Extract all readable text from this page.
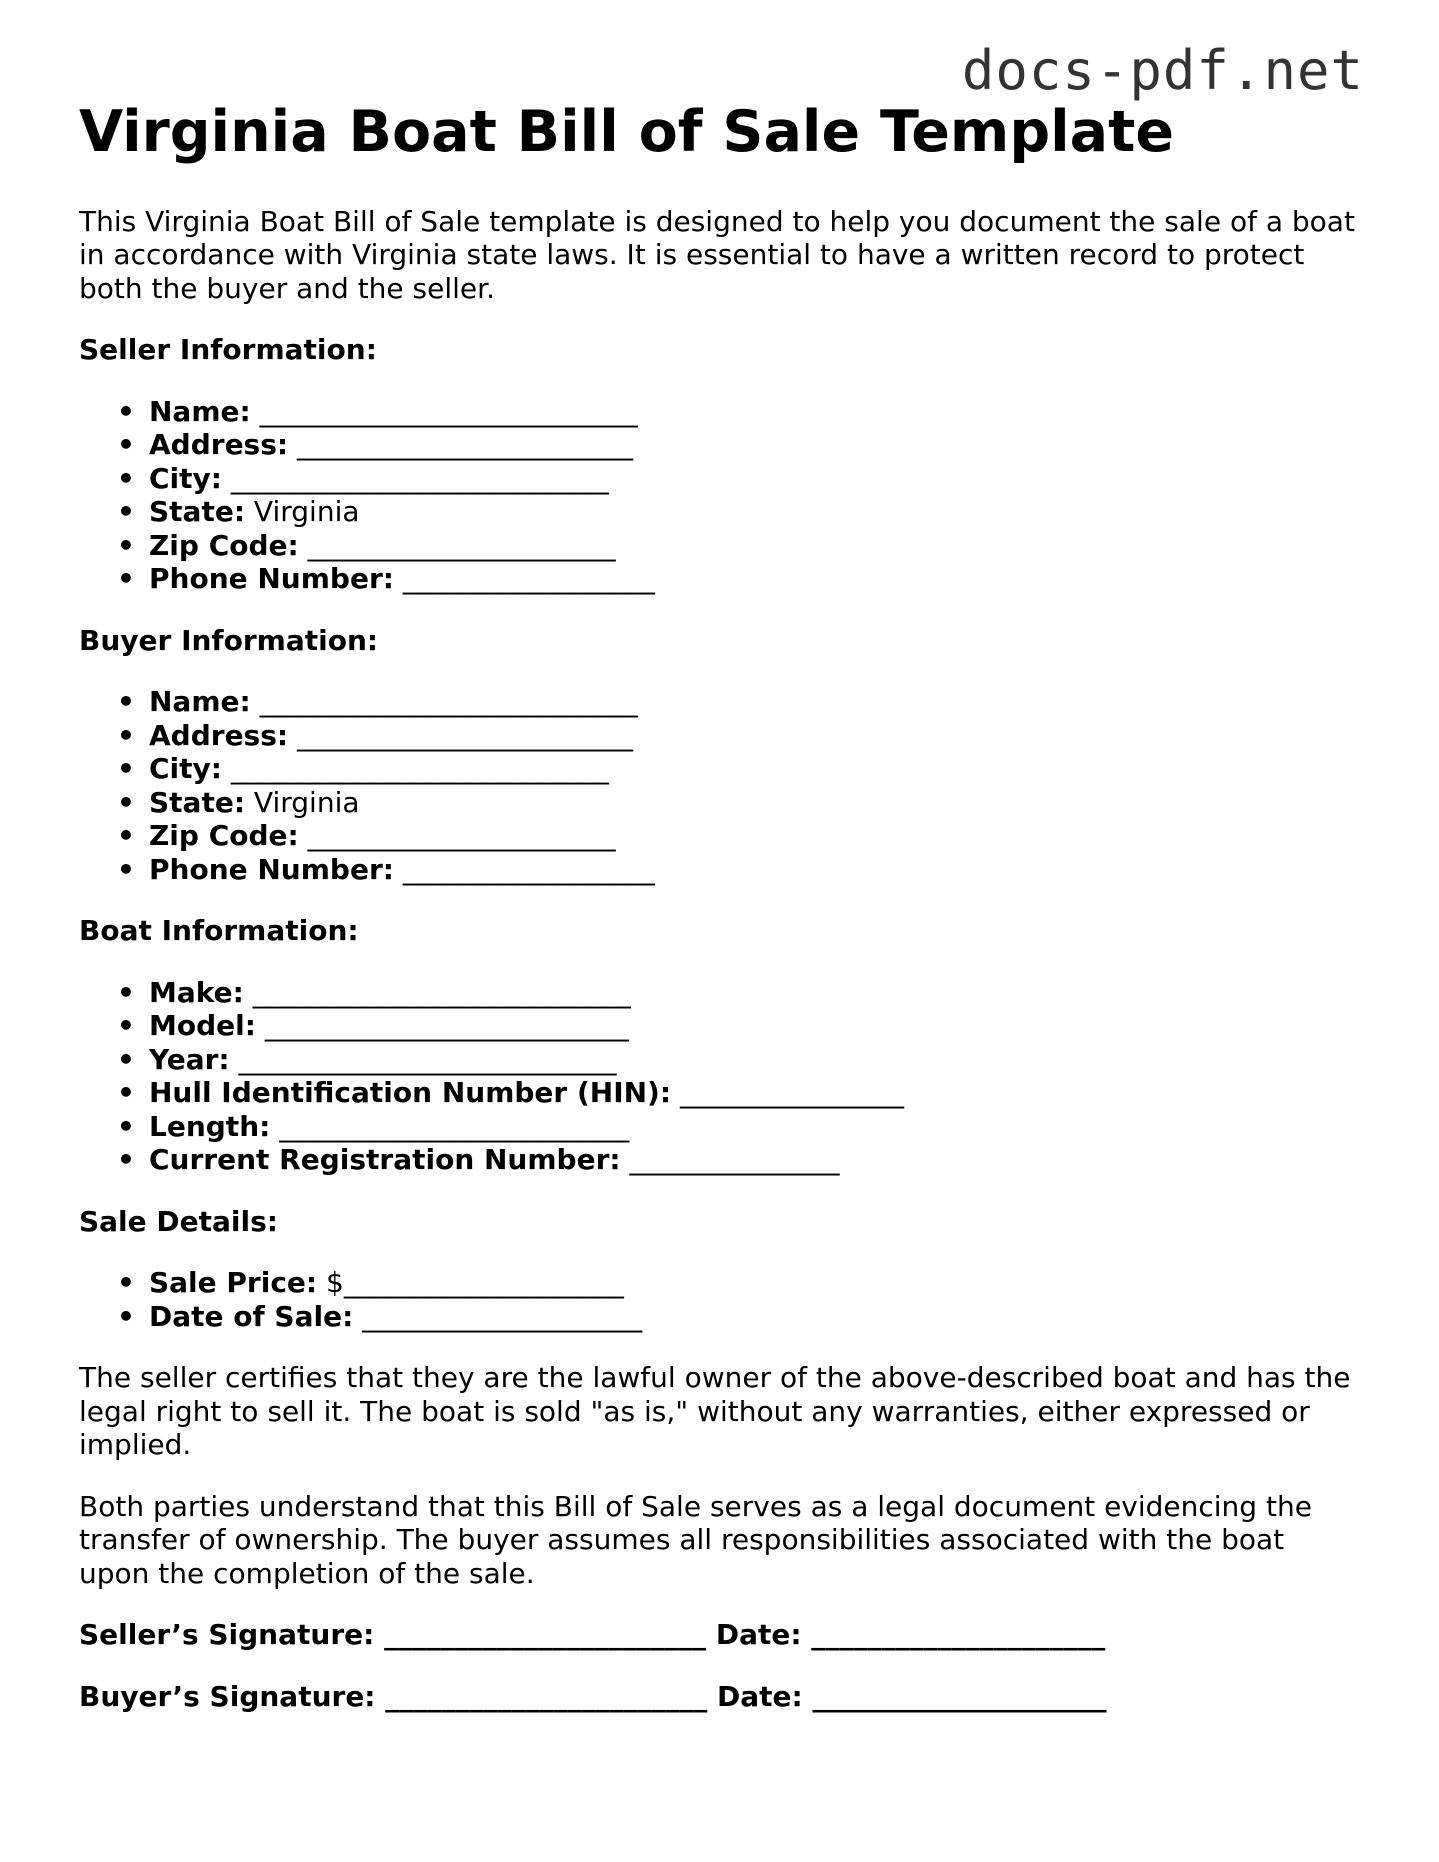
docs-pdf.net
Virginia Boat Bill of Sale Template

This Virginia Boat Bill of Sale template is designed to help you document the sale of a boat in accordance with Virginia state laws. It is essential to have a written record to protect both the buyer and the seller.

Seller Information:
• Name: ___________________________
• Address: ________________________
• City: ___________________________
• State: Virginia
• Zip Code: ______________________
• Phone Number: __________________
Buyer Information:
• Name: ___________________________
• Address: ________________________
• City: ___________________________
• State: Virginia
• Zip Code: ______________________
• Phone Number: __________________
Boat Information:
• Make: ___________________________
• Model: __________________________
• Year: ___________________________
• Hull Identification Number (HIN): ________________
• Length: _________________________
• Current Registration Number: _______________
Sale Details:
• Sale Price: $____________________
• Date of Sale: ____________________

The seller certifies that they are the lawful owner of the above-described boat and has the legal right to sell it. The boat is sold "as is," without any warranties, either expressed or implied.

Both parties understand that this Bill of Sale serves as a legal document evidencing the transfer of ownership. The buyer assumes all responsibilities associated with the boat upon the completion of the sale.

Seller’s Signature: _______________________ Date: _____________________
Buyer’s Signature: _______________________ Date: _____________________
